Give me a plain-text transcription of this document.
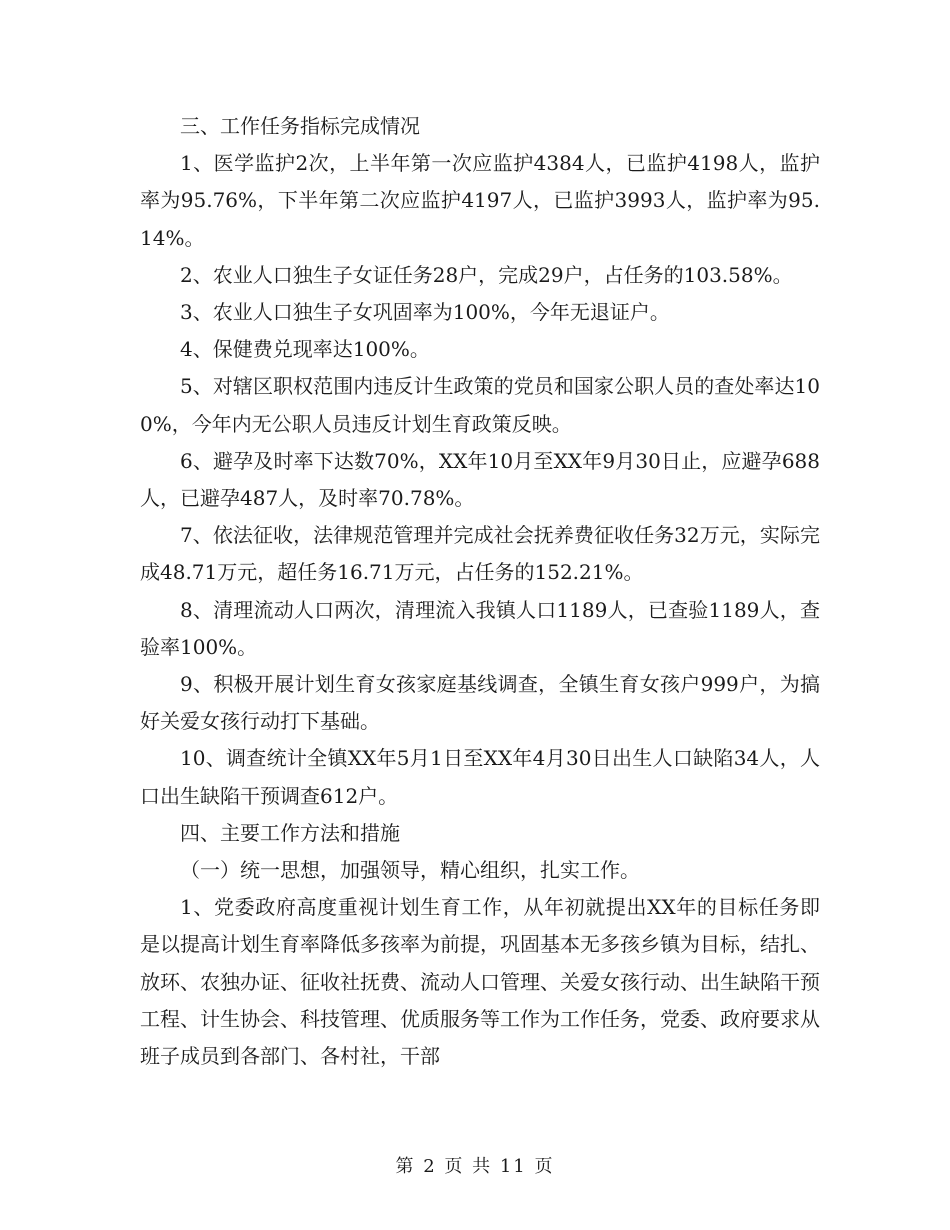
三、工作任务指标完成情况

1、医学监护2次，上半年第一次应监护4384人，已监护4198人，监护率为95.76%，下半年第二次应监护4197人，已监护3993人，监护率为95.14%。

2、农业人口独生子女证任务28户，完成29户，占任务的103.58%。

3、农业人口独生子女巩固率为100%，今年无退证户。

4、保健费兑现率达100%。

5、对辖区职权范围内违反计生政策的党员和国家公职人员的查处率达100%，今年内无公职人员违反计划生育政策反映。

6、避孕及时率下达数70%，XX年10月至XX年9月30日止，应避孕688人，已避孕487人，及时率70.78%。

7、依法征收，法律规范管理并完成社会抚养费征收任务32万元，实际完成48.71万元，超任务16.71万元，占任务的152.21%。

8、清理流动人口两次，清理流入我镇人口1189人，已查验1189人，查验率100%。

9、积极开展计划生育女孩家庭基线调查，全镇生育女孩户999户，为搞好关爱女孩行动打下基础。

10、调查统计全镇XX年5月1日至XX年4月30日出生人口缺陷34人，人口出生缺陷干预调查612户。

四、主要工作方法和措施

（一）统一思想，加强领导，精心组织，扎实工作。

1、党委政府高度重视计划生育工作，从年初就提出XX年的目标任务即是以提高计划生育率降低多孩率为前提，巩固基本无多孩乡镇为目标，结扎、放环、农独办证、征收社抚费、流动人口管理、关爱女孩行动、出生缺陷干预工程、计生协会、科技管理、优质服务等工作为工作任务，党委、政府要求从班子成员到各部门、各村社，干部

第 2 页 共 11 页
